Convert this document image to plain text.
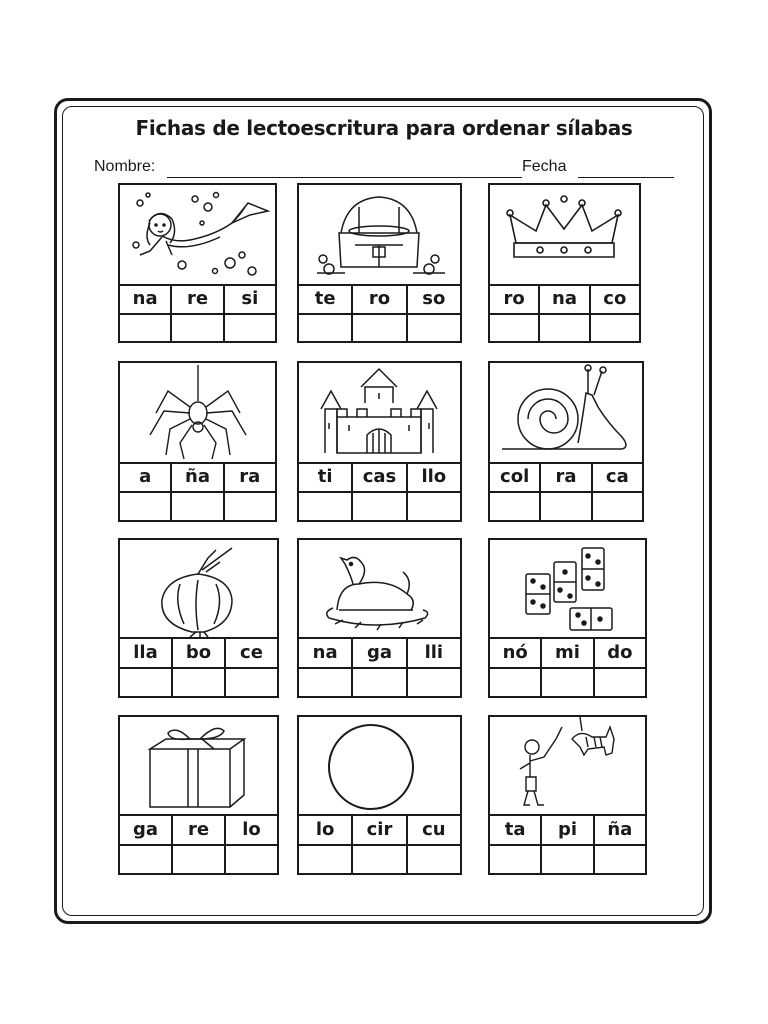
Fichas de lectoescritura para ordenar sílabas
Nombre:	Fecha
na	re	si	te	ro	so	ro	na	co
a	ña	ra	ti	cas	llo	col	ra	ca
lla	bo	ce	na	ga	lli	nó	mi	do
ga	re	lo	lo	cir	cu	ta	pi	ña
